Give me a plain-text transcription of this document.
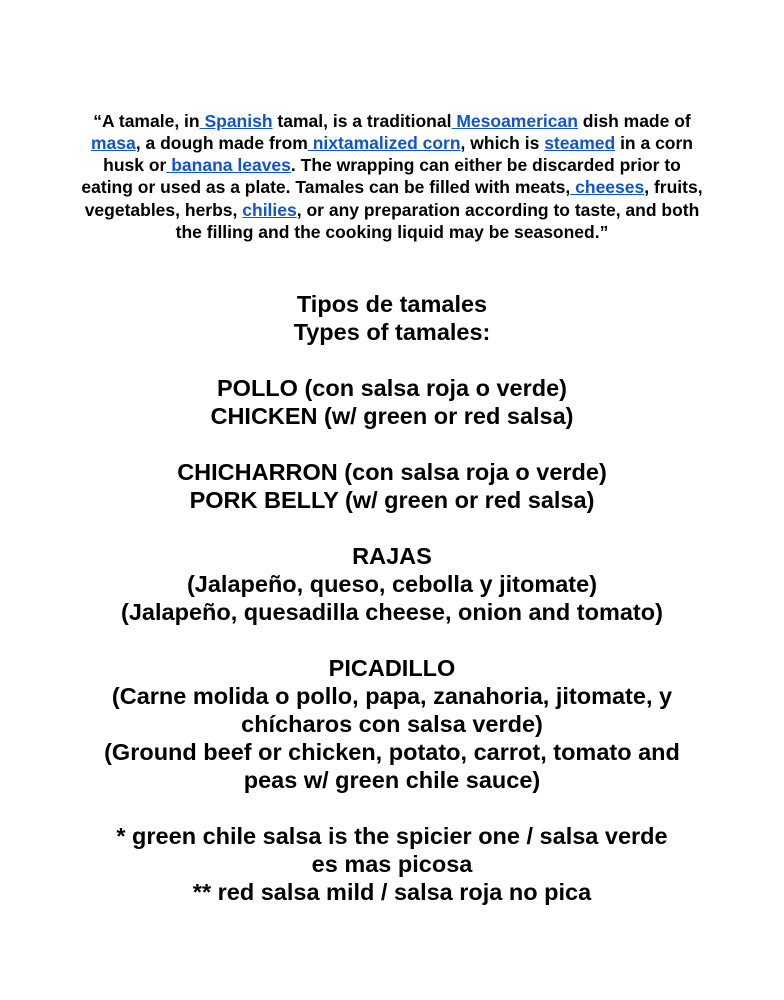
“A tamale, in Spanish tamal, is a traditional Mesoamerican dish made of masa, a dough made from nixtamalized corn, which is steamed in a corn husk or banana leaves. The wrapping can either be discarded prior to eating or used as a plate. Tamales can be filled with meats, cheeses, fruits, vegetables, herbs, chilies, or any preparation according to taste, and both the filling and the cooking liquid may be seasoned.”

Tipos de tamales
Types of tamales:
POLLO (con salsa roja o verde)
CHICKEN (w/ green or red salsa)
CHICHARRON (con salsa roja o verde)
PORK BELLY (w/ green or red salsa)
RAJAS
(Jalapeño, queso, cebolla y jitomate)
(Jalapeño, quesadilla cheese, onion and tomato)
PICADILLO
(Carne molida o pollo, papa, zanahoria, jitomate, y
chícharos con salsa verde)
(Ground beef or chicken, potato, carrot, tomato and
peas w/ green chile sauce)
* green chile salsa is the spicier one / salsa verde
es mas picosa
** red salsa mild / salsa roja no pica
